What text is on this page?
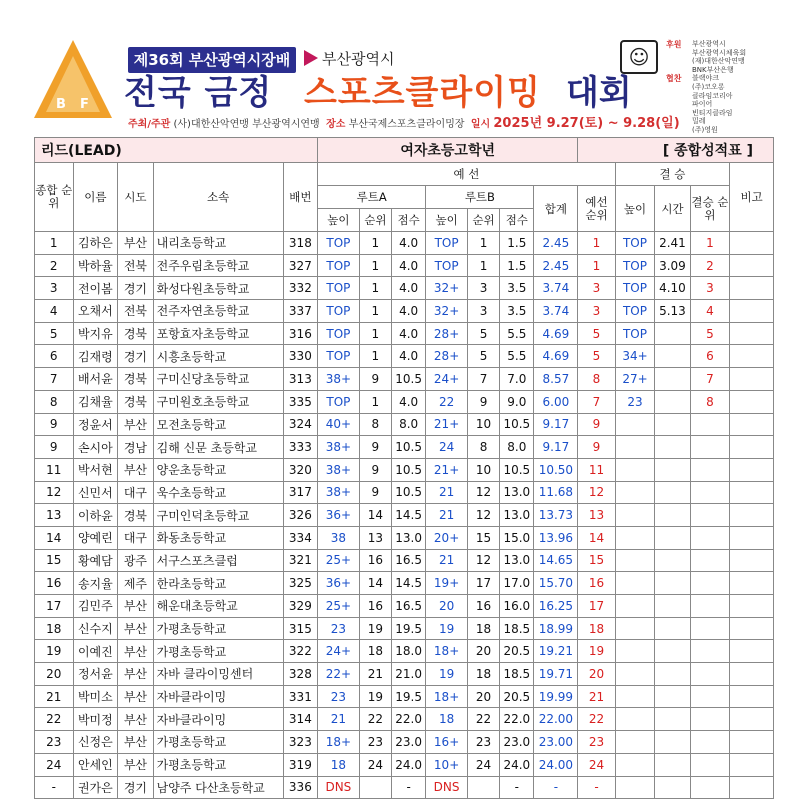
B F
제36회 부산광역시장배	부산광역시
전국 금정 스포츠클라이밍 대회
☺
후원
협찬
부산광역시
부산광역시체육회
(재)대한산악연맹
BNK부산은행
블랙야크
(주)코오롱
클라임코리아
파이어
빈티지클라임
밀레
(주)영원
주최/주관 (사)대한산악연맹 부산광역시연맹 장소 부산국제스포츠클라이밍장 일시 2025년 9.27(토) ~ 9.28(일)
리드(LEAD)					여자초등고학년							[ 종합성적표 ]				
종합 순위	이름	시도	소속	배번	예 선								결 승			비고
					루트A			루트B			합계	예선 순위	높이	시간	결승 순위	
					높이	순위	점수	높이	순위	점수						
1	김하은	부산	내리초등학교	318	TOP	1	4.0	TOP	1	1.5	2.45	1	TOP	2.41	1	
2	박하율	전북	전주우림초등학교	327	TOP	1	4.0	TOP	1	1.5	2.45	1	TOP	3.09	2	
3	전이봄	경기	화성다원초등학교	332	TOP	1	4.0	32+	3	3.5	3.74	3	TOP	4.10	3	
4	오채서	전북	전주자연초등학교	337	TOP	1	4.0	32+	3	3.5	3.74	3	TOP	5.13	4	
5	박지유	경북	포항효자초등학교	316	TOP	1	4.0	28+	5	5.5	4.69	5	TOP		5	
6	김재령	경기	시흥초등학교	330	TOP	1	4.0	28+	5	5.5	4.69	5	34+		6	
7	배서윤	경북	구미신당초등학교	313	38+	9	10.5	24+	7	7.0	8.57	8	27+		7	
8	김채율	경북	구미원호초등학교	335	TOP	1	4.0	22	9	9.0	6.00	7	23		8	
9	정윤서	부산	모전초등학교	324	40+	8	8.0	21+	10	10.5	9.17	9				
9	손시아	경남	김해 신문 초등학교	333	38+	9	10.5	24	8	8.0	9.17	9				
11	박서현	부산	양운초등학교	320	38+	9	10.5	21+	10	10.5	10.50	11				
12	신민서	대구	욱수초등학교	317	38+	9	10.5	21	12	13.0	11.68	12				
13	이하윤	경북	구미인덕초등학교	326	36+	14	14.5	21	12	13.0	13.73	13				
14	양예린	대구	화동초등학교	334	38	13	13.0	20+	15	15.0	13.96	14				
15	황예담	광주	서구스포츠클럽	321	25+	16	16.5	21	12	13.0	14.65	15				
16	송지율	제주	한라초등학교	325	36+	14	14.5	19+	17	17.0	15.70	16				
17	김민주	부산	해운대초등학교	329	25+	16	16.5	20	16	16.0	16.25	17				
18	신수지	부산	가평초등학교	315	23	19	19.5	19	18	18.5	18.99	18				
19	이예진	부산	가평초등학교	322	24+	18	18.0	18+	20	20.5	19.21	19				
20	정서윤	부산	자바 클라이밍센터	328	22+	21	21.0	19	18	18.5	19.71	20				
21	박미소	부산	자바클라이밍	331	23	19	19.5	18+	20	20.5	19.99	21				
22	박미정	부산	자바클라이밍	314	21	22	22.0	18	22	22.0	22.00	22				
23	신정은	부산	가평초등학교	323	18+	23	23.0	16+	23	23.0	23.00	23				
24	안세인	부산	가평초등학교	319	18	24	24.0	10+	24	24.0	24.00	24				
-	권가은	경기	남양주 다산초등학교	336	DNS		-	DNS		-	-	-				
